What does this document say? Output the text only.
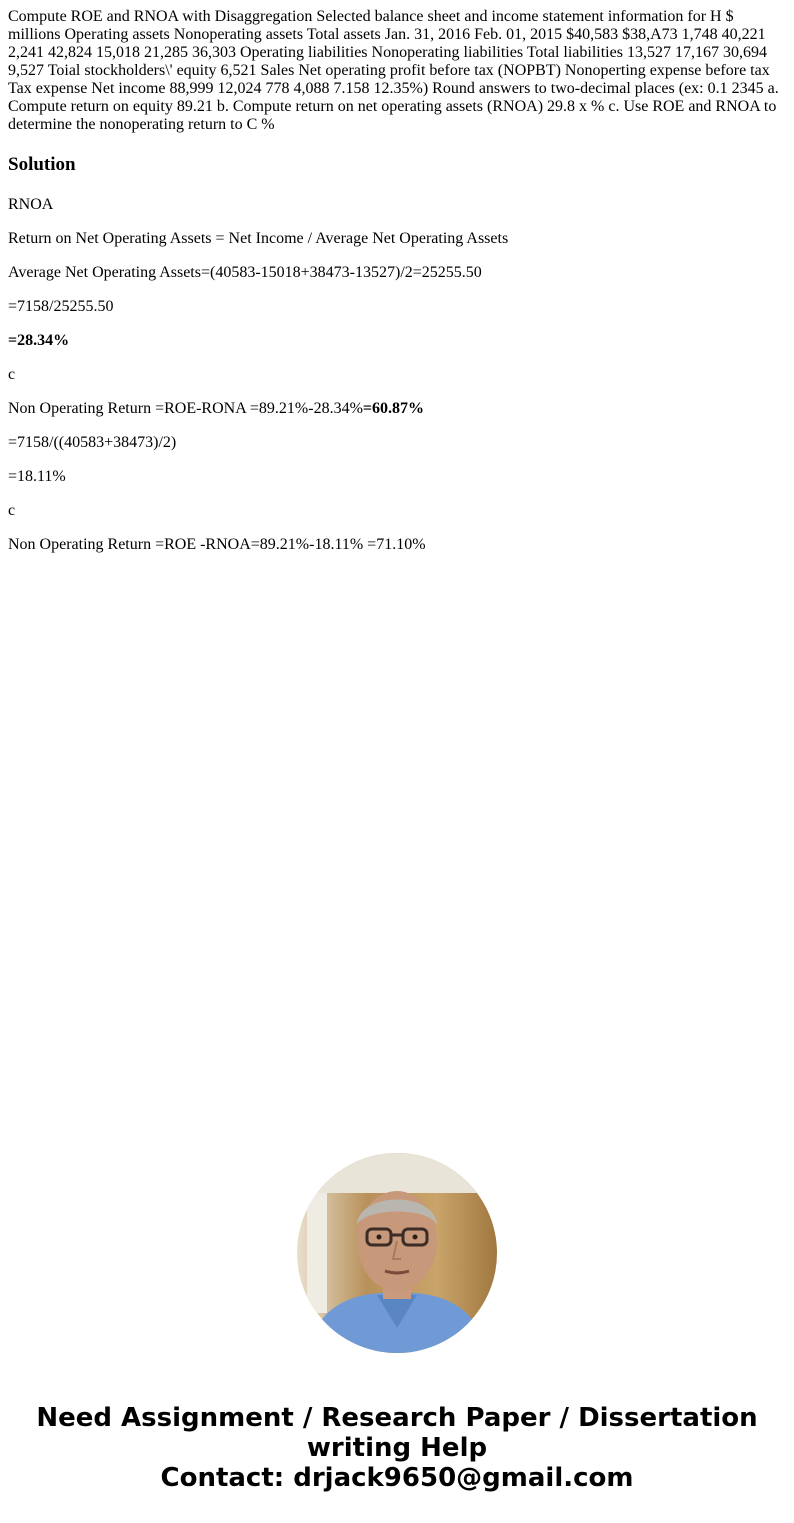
Compute ROE and RNOA with Disaggregation Selected balance sheet and income statement information for H $ millions Operating assets Nonoperating assets Total assets Jan. 31, 2016 Feb. 01, 2015 $40,583 $38,A73 1,748 40,221 2,241 42,824 15,018 21,285 36,303 Operating liabilities Nonoperating liabilities Total liabilities 13,527 17,167 30,694 9,527 Toial stockholders\' equity 6,521 Sales Net operating profit before tax (NOPBT) Nonoperting expense before tax Tax expense Net income 88,999 12,024 778 4,088 7.158 12.35%) Round answers to two-decimal places (ex: 0.1 2345 a. Compute return on equity 89.21 b. Compute return on net operating assets (RNOA) 29.8 x % c. Use ROE and RNOA to determine the nonoperating return to C %

Solution

RNOA

Return on Net Operating Assets = Net Income / Average Net Operating Assets

Average Net Operating Assets=(40583-15018+38473-13527)/2=25255.50

=7158/25255.50

=28.34%

c

Non Operating Return =ROE-RONA =89.21%-28.34%=60.87%

=7158/((40583+38473)/2)

=18.11%

c

Non Operating Return =ROE -RNOA=89.21%-18.11% =71.10%

Need Assignment / Research Paper / Dissertation
writing Help
Contact: drjack9650@gmail.com
